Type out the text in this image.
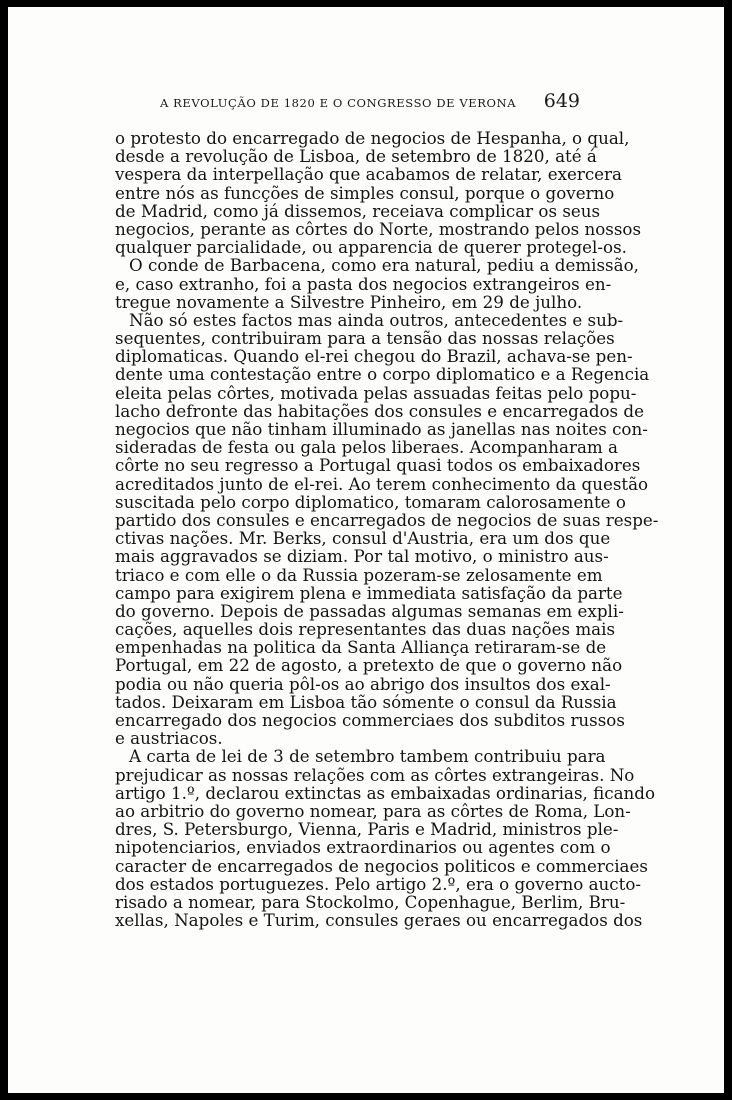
A REVOLUÇÃO DE 1820 E O CONGRESSO DE VERONA 649
o protesto do encarregado de negocios de Hespanha, o qual,
desde a revolução de Lisboa, de setembro de 1820, até á
vespera da interpellação que acabamos de relatar, exercera
entre nós as funcções de simples consul, porque o governo
de Madrid, como já dissemos, receiava complicar os seus
negocios, perante as côrtes do Norte, mostrando pelos nossos
qualquer parcialidade, ou apparencia de querer protegel-os.
O conde de Barbacena, como era natural, pediu a demissão,
e, caso extranho, foi a pasta dos negocios extrangeiros en-
tregue novamente a Silvestre Pinheiro, em 29 de julho.
Não só estes factos mas ainda outros, antecedentes e sub-
sequentes, contribuiram para a tensão das nossas relações
diplomaticas. Quando el-rei chegou do Brazil, achava-se pen-
dente uma contestação entre o corpo diplomatico e a Regencia
eleita pelas côrtes, motivada pelas assuadas feitas pelo popu-
lacho defronte das habitações dos consules e encarregados de
negocios que não tinham illuminado as janellas nas noites con-
sideradas de festa ou gala pelos liberaes. Acompanharam a
côrte no seu regresso a Portugal quasi todos os embaixadores
acreditados junto de el-rei. Ao terem conhecimento da questão
suscitada pelo corpo diplomatico, tomaram calorosamente o
partido dos consules e encarregados de negocios de suas respe-
ctivas nações. Mr. Berks, consul d'Austria, era um dos que
mais aggravados se diziam. Por tal motivo, o ministro aus-
triaco e com elle o da Russia pozeram-se zelosamente em
campo para exigirem plena e immediata satisfação da parte
do governo. Depois de passadas algumas semanas em expli-
cações, aquelles dois representantes das duas nações mais
empenhadas na politica da Santa Alliança retiraram-se de
Portugal, em 22 de agosto, a pretexto de que o governo não
podia ou não queria pôl-os ao abrigo dos insultos dos exal-
tados. Deixaram em Lisboa tão sómente o consul da Russia
encarregado dos negocios commerciaes dos subditos russos
e austriacos.
A carta de lei de 3 de setembro tambem contribuiu para
prejudicar as nossas relações com as côrtes extrangeiras. No
artigo 1.º, declarou extinctas as embaixadas ordinarias, ficando
ao arbitrio do governo nomear, para as côrtes de Roma, Lon-
dres, S. Petersburgo, Vienna, Paris e Madrid, ministros ple-
nipotenciarios, enviados extraordinarios ou agentes com o
caracter de encarregados de negocios politicos e commerciaes
dos estados portuguezes. Pelo artigo 2.º, era o governo aucto-
risado a nomear, para Stockolmo, Copenhague, Berlim, Bru-
xellas, Napoles e Turim, consules geraes ou encarregados dos
